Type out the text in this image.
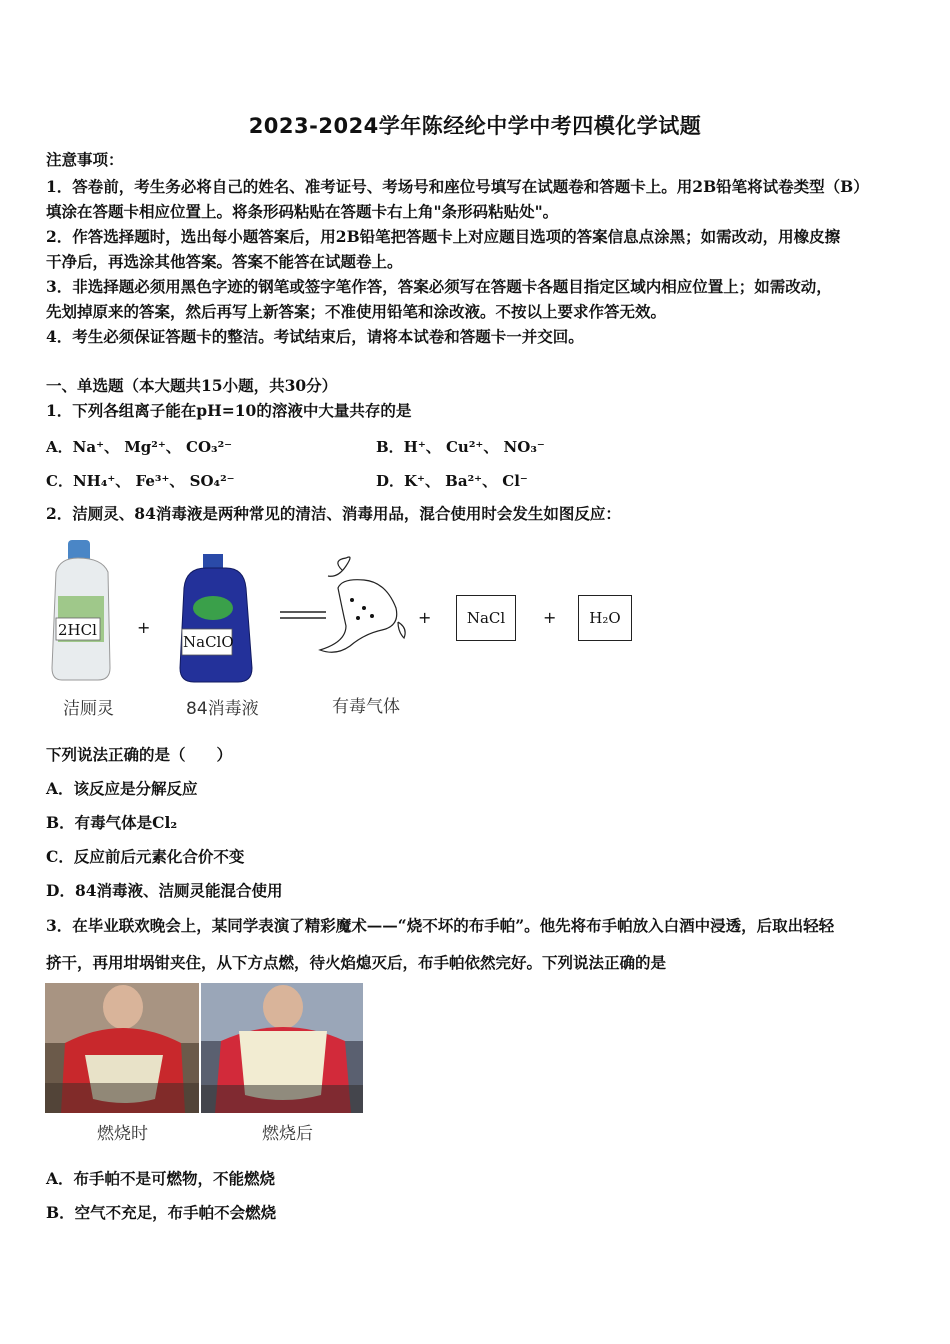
2023-2024学年陈经纶中学中考四模化学试题
注意事项：
1．答卷前，考生务必将自己的姓名、准考证号、考场号和座位号填写在试题卷和答题卡上。用2B铅笔将试卷类型（B）
填涂在答题卡相应位置上。将条形码粘贴在答题卡右上角"条形码粘贴处"。
2．作答选择题时，选出每小题答案后，用2B铅笔把答题卡上对应题目选项的答案信息点涂黑；如需改动，用橡皮擦
干净后，再选涂其他答案。答案不能答在试题卷上。
3．非选择题必须用黑色字迹的钢笔或签字笔作答，答案必须写在答题卡各题目指定区域内相应位置上；如需改动，
先划掉原来的答案，然后再写上新答案；不准使用铅笔和涂改液。不按以上要求作答无效。
4．考生必须保证答题卡的整洁。考试结束后，请将本试卷和答题卡一并交回。
一、单选题（本大题共15小题，共30分）
1．下列各组离子能在pH=10的溶液中大量共存的是
A．Na⁺、 Mg²⁺、 CO₃²⁻	B．H⁺、 Cu²⁺、 NO₃⁻
C．NH₄⁺、 Fe³⁺、 SO₄²⁻	D．K⁺、 Ba²⁺、 Cl⁻
2．洁厕灵、84消毒液是两种常见的清洁、消毒用品，混合使用时会发生如图反应：
2HCl
NaClO
+
+	+
NaCl	H₂O
洁厕灵	84消毒液	有毒气体
下列说法正确的是（　　）
A．该反应是分解反应
B．有毒气体是Cl₂
C．反应前后元素化合价不变
D．84消毒液、洁厕灵能混合使用
3．在毕业联欢晚会上，某同学表演了精彩魔术——“烧不坏的布手帕”。他先将布手帕放入白酒中浸透，后取出轻轻
挤干，再用坩埚钳夹住，从下方点燃，待火焰熄灭后，布手帕依然完好。下列说法正确的是
燃烧时	燃烧后
A．布手帕不是可燃物，不能燃烧
B．空气不充足，布手帕不会燃烧
